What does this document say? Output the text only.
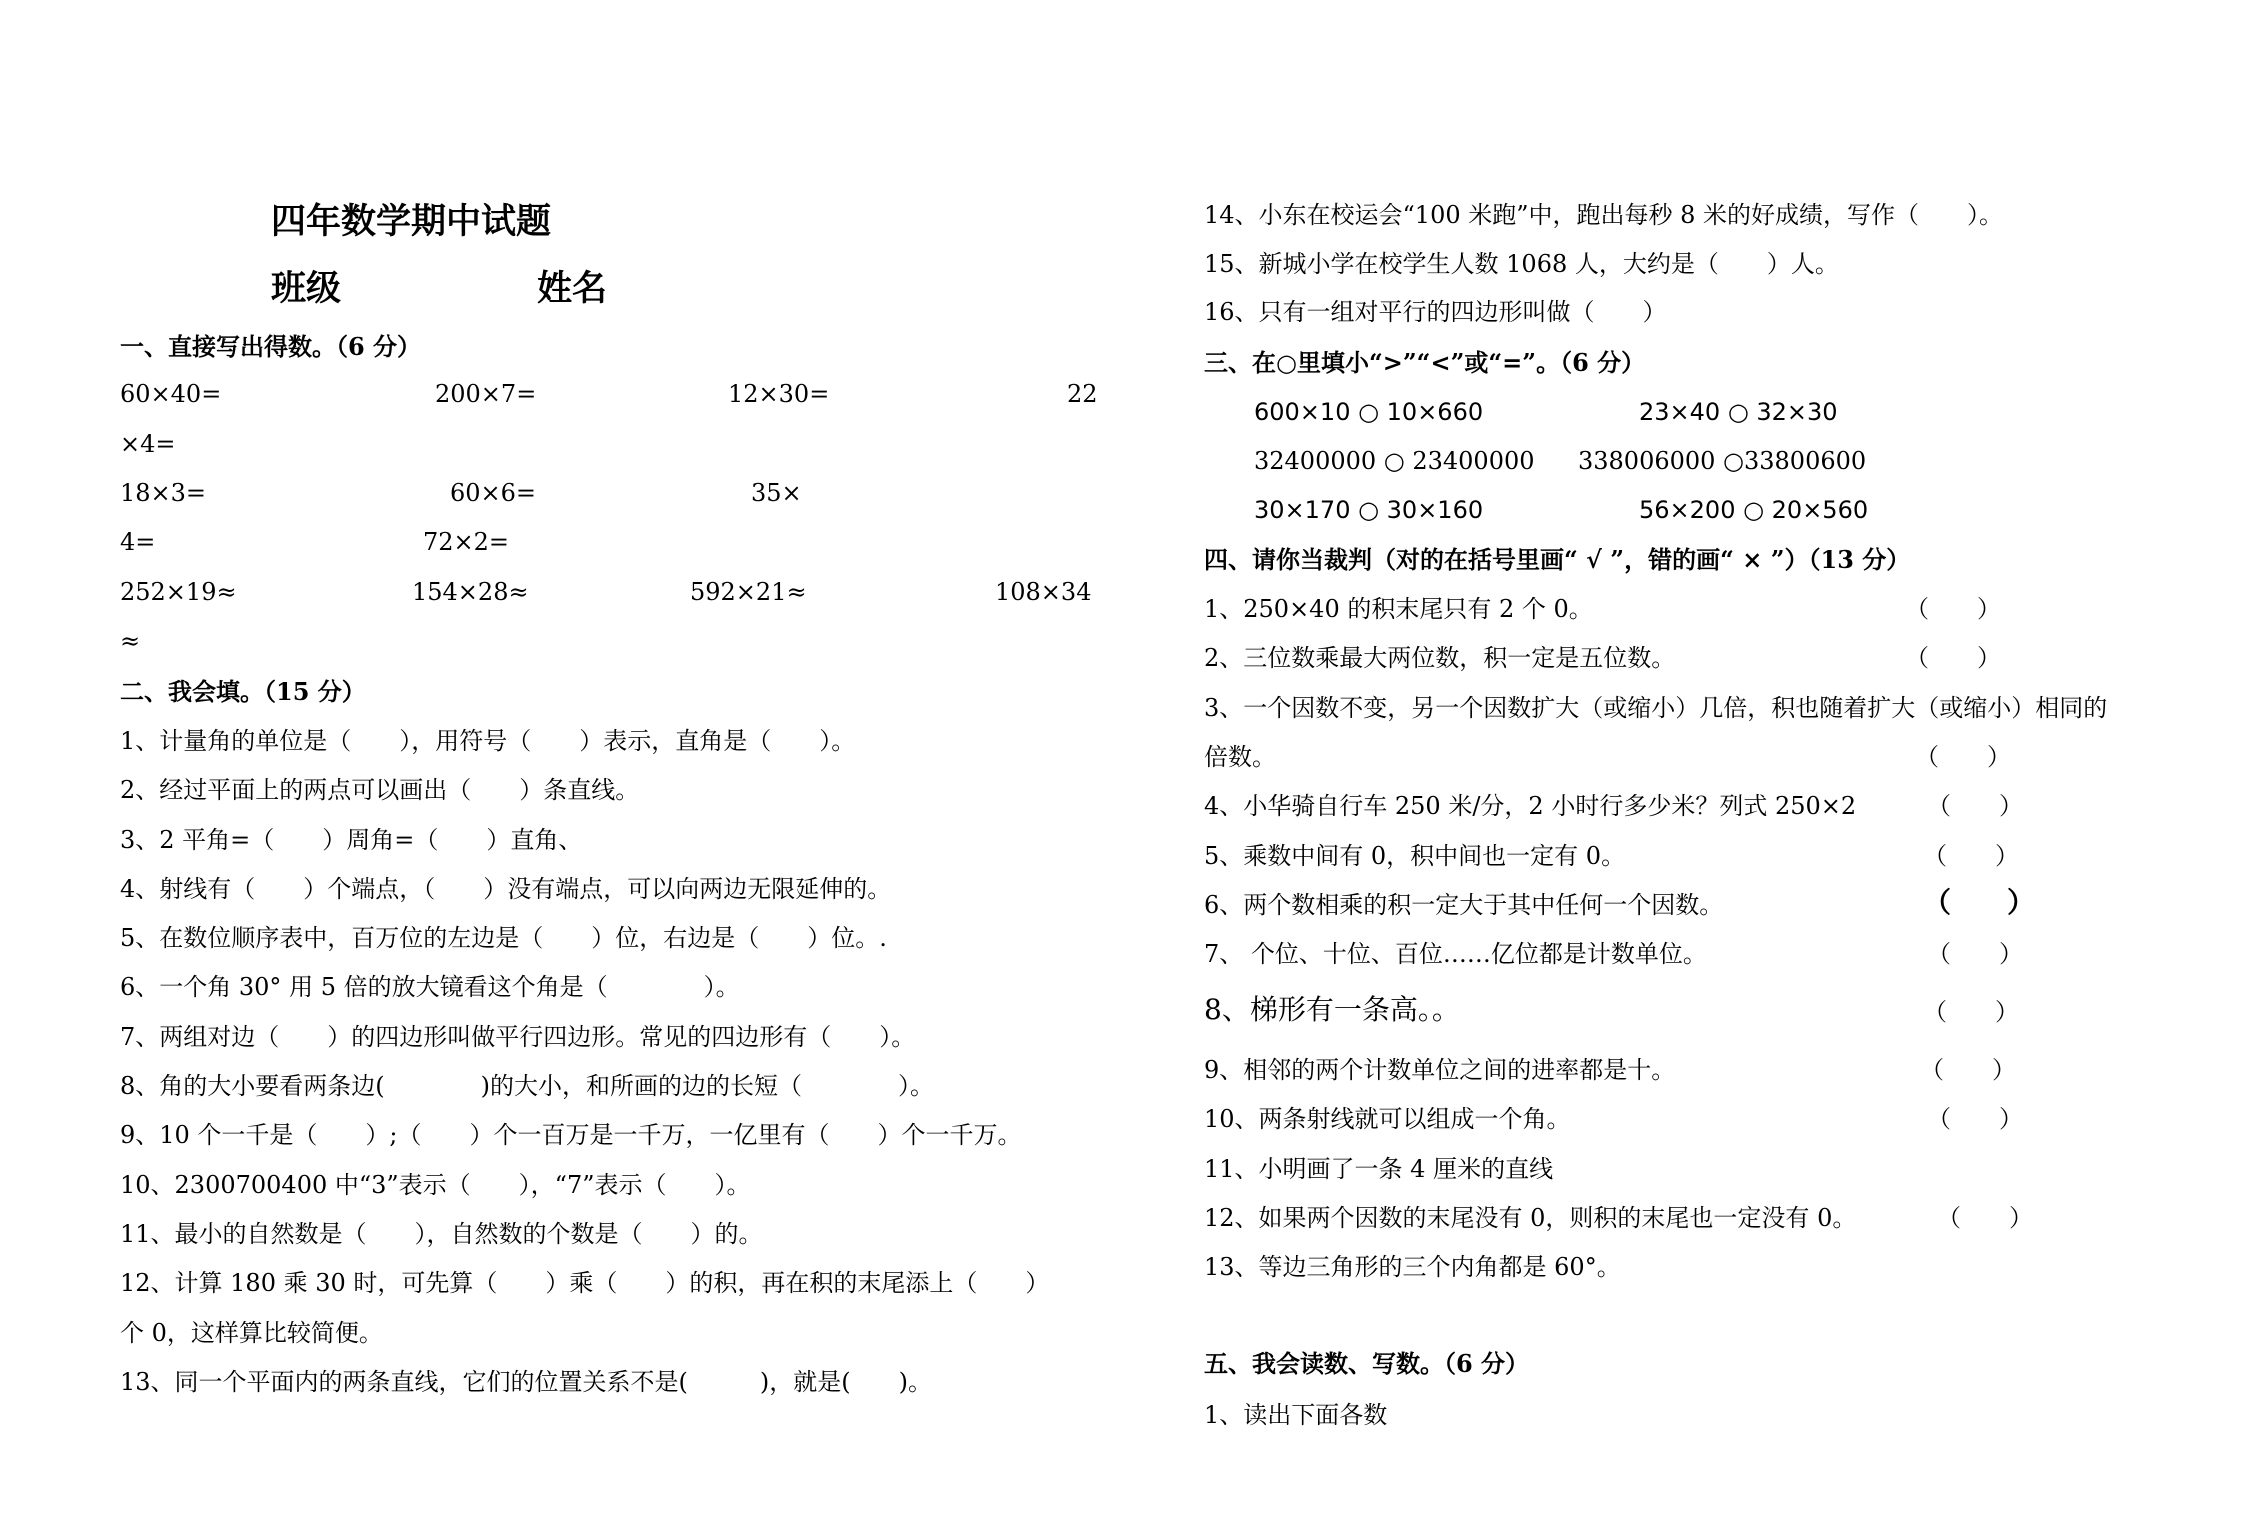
四年数学期中试题
班级	姓名
一、直接写出得数。（6 分）
60×40=	200×7=	12×30=	22
×4=
18×3=	60×6=	35×
4=	72×2=
252×19≈	154×28≈	592×21≈	108×34
≈
二、我会填。（15 分）
1、计量角的单位是（　　），用符号（　　）表示，直角是（　　）。
2、经过平面上的两点可以画出（　　）条直线。
3、2 平角=（　　）周角=（　　）直角、
4、射线有（　　）个端点，（　　）没有端点，可以向两边无限延伸的。
5、在数位顺序表中，百万位的左边是（　　）位，右边是（　　）位。.
6、一个角 30° 用 5 倍的放大镜看这个角是（　　　　）。
7、两组对边（　　）的四边形叫做平行四边形。常见的四边形有（　　）。
8、角的大小要看两条边(　　　　)的大小，和所画的边的长短（　　　　）。
9、10 个一千是（　　）;（　　）个一百万是一千万，一亿里有（　　）个一千万。
10、2300700400 中“3”表示（　　），“7”表示（　　）。
11、最小的自然数是（　　），自然数的个数是（　　）的。
12、计算 180 乘 30 时，可先算（　　）乘（　　）的积，再在积的末尾添上（　　）
个 0，这样算比较简便。
13、同一个平面内的两条直线，它们的位置关系不是(　　　)，就是(　　)。
14、小东在校运会“100 米跑”中，跑出每秒 8 米的好成绩，写作（　　）。
15、新城小学在校学生人数 1068 人，大约是（　　）人。
16、只有一组对平行的四边形叫做（　　）
三、在○里填小“>”“<”或“=”。（6 分）
600×10 ○ 10×660	23×40 ○ 32×30
32400000 ○ 23400000 338006000 ○33800600
30×170 ○ 30×160	56×200 ○ 20×560
四、请你当裁判（对的在括号里画“ √ ”，错的画“ × ”）（13 分）
1、250×40 的积末尾只有 2 个 0。	（　　）
2、三位数乘最大两位数，积一定是五位数。	（　　）
3、一个因数不变，另一个因数扩大（或缩小）几倍，积也随着扩大（或缩小）相同的
倍数。	（　　）
4、小华骑自行车 250 米/分，2 小时行多少米？列式 250×2	（　　）
5、乘数中间有 0，积中间也一定有 0。	（　　）
6、两个数相乘的积一定大于其中任何一个因数。	（　　）
7、 个位、十位、百位……亿位都是计数单位。	（　　）
8、梯形有一条高。。	（　　）
9、相邻的两个计数单位之间的进率都是十。	（　　）
10、两条射线就可以组成一个角。	（　　）
11、小明画了一条 4 厘米的直线
12、如果两个因数的末尾没有 0，则积的末尾也一定没有 0。	（　　）
13、等边三角形的三个内角都是 60°。
五、我会读数、写数。（6 分）
1、读出下面各数
